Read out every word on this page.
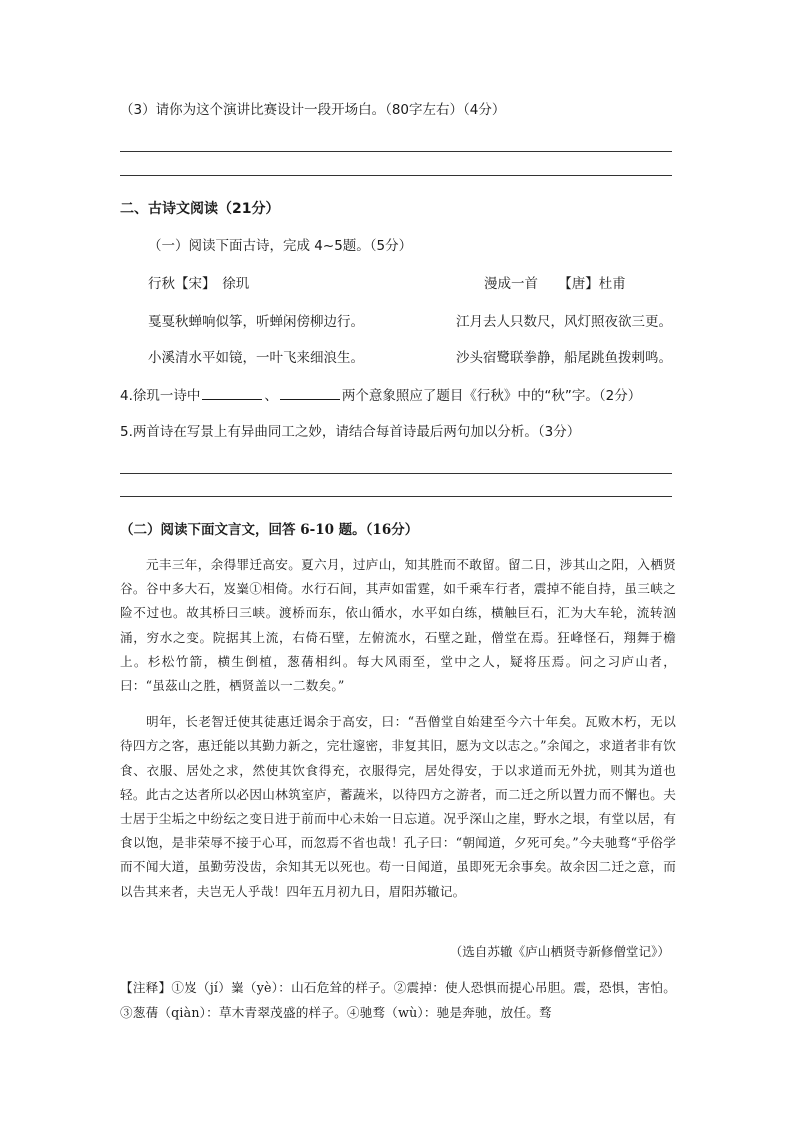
（3）请你为这个演讲比赛设计一段开场白。（80字左右）（4分）
二、古诗文阅读（21分）
（一）阅读下面古诗，完成 4~5题。（5分）
行秋【宋】　徐玑	漫成一首　　【唐】杜甫
戛戛秋蝉响似筝，听蝉闲傍柳边行。	江月去人只数尺，风灯照夜欲三更。
小溪清水平如镜，一叶飞来细浪生。	沙头宿鹭联拳静，船尾跳鱼拨剌鸣。
4.徐玑一诗中	、	两个意象照应了题目《行秋》中的“秋”字。（2分）
5.两首诗在写景上有异曲同工之妙，请结合每首诗最后两句加以分析。（3分）
（二）阅读下面文言文，回答 6-10 题。（16分）

元丰三年，余得罪迁高安。夏六月，过庐山，知其胜而不敢留。留二日，涉其山之阳，入栖贤谷。谷中多大石，岌嶪①相倚。水行石间，其声如雷霆，如千乘车行者，震掉不能自持，虽三峡之险不过也。故其桥曰三峡。渡桥而东，依山循水，水平如白练，横触巨石，汇为大车轮，流转汹涌，穷水之变。院据其上流，右倚石壁，左俯流水，石壁之趾，僧堂在焉。狂峰怪石，翔舞于檐上。杉松竹箭，横生倒植，葱蒨相纠。每大风雨至，堂中之人，疑将压焉。问之习庐山者，曰：“虽茲山之胜，栖贤盖以一二数矣。”

明年，长老智迁使其徒惠迁谒余于高安，曰：“吾僧堂自始建至今六十年矣。瓦败木朽，无以待四方之客，惠迁能以其勤力新之，完壮邃密，非复其旧，愿为文以志之。”余闻之，求道者非有饮食、衣服、居处之求，然使其饮食得充，衣服得完，居处得安，于以求道而无外扰，则其为道也轻。此古之达者所以必因山林筑室庐，蓄蔬米，以待四方之游者，而二迁之所以置力而不懈也。夫士居于尘垢之中纷纭之变日进于前而中心未始一日忘道。况乎深山之崖，野水之垠，有堂以居，有食以饱，是非荣辱不接于心耳，而忽焉不省也哉！孔子曰：“朝闻道，夕死可矣。”今夫驰骛“乎俗学而不闻大道，虽勤劳没齿，余知其无以死也。苟一日闻道，虽即死无余事矣。故余因二迁之意，而以告其来者，夫岂无人乎哉！四年五月初九日，眉阳苏辙记。

（选自苏辙《庐山栖贤寺新修僧堂记》）

【注释】①岌（jí）嶪（yè）：山石危耸的样子。②震掉：使人恐惧而提心吊胆。震，恐惧，害怕。③葱蒨（qiàn）：草木青翠茂盛的样子。④驰骛（wù）：驰是奔驰，放任。骛
